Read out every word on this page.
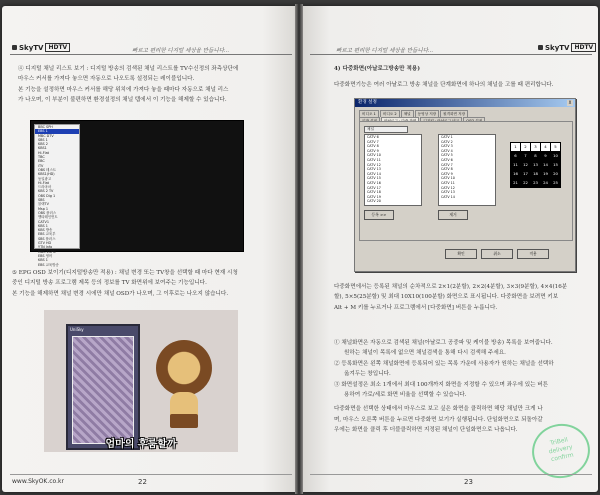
SkyTV HDTV	빠르고 편리한 디지털 세상을 만듭니다...
④ 디지털 채널 리스트 보기 : 디지털 방송의 검색된 채널 리스트를 TV수신정의 좌측상단에
마우스 커서를 가져다 놓으면 자동으로 나오도록 설정되는 레이블입니다.
본 기능을 설정하면 마우스 커서를 해당 위치에 가져다 놓을 때마다 자동으로 채널 리스
가 나오며, 이 부분이 불편하면 환경설정의 채널 탭에서 이 기능을 해제할 수 있습니다.
BBC SPH
EBS 1
MBC DTV
SBS 1
KBS 2
KBS1
Hi-Flat
TBC
EBC
iTV
OBS 테스트
KBS1(HD)
동일광고
Hi-Flat
드라마마
KBS 2 TV
OBS Dig 1
SBS
블랙TV
Msp 1
OBS 플러스
엔타테인먼트
CATV1
KBS 1
KBS 방송
EBS 교육부
SBS 플러스
GTV HD
YTN Info
MBC ESPN
EBS 영어
KBS 1
EBS 교육방송
⑤ EPG OSD 보이기(디지털방송만 적용) : 채널 변경 또는 TV창을 선택할 때 마다 현재 시청
중인 디지털 방송 프로그램 제목 등의 정보를 TV 화면위에 보여주는 기능입니다.
본 기능을 해제하면 채널 변경 시에만 채널 OSD가 나오며, 그 이후로는 나오지 않습니다.
UniSky
엄마의 후룸할까
www.SkyOK.co.kr	22
빠르고 편리한 디지털 세상을 만듭니다...	SkyTV HDTV
4) 다중화면(아날로그방송만 적용)
다중화면기능은 여러 아날로그 방송 채널을 단계화면에 하나의 채널을 고를 때 편리합니다.
환경 설정	X
비디오 1 비디오 2 채널 동영상 저장 원격화면 저장
채널
CATV 6
CATV 7
CATV 8
CATV 9
CATV 10
CATV 11
CATV 12
CATV 13
CATV 14
CATV 15
CATV 16
CATV 17
CATV 18
CATV 19
CATV 20
CATV 1
CATV 2
CATV 3
CATV 4
CATV 5
CATV 6
CATV 7
CATV 8
CATV 9
CATV 10
CATV 11
CATV 12
CATV 13
CATV 14
1	2	3	4	5
6	7	8	9	10
11	12	13	14	15
16	17	18	19	20
21	22	23	24	25
등록 >>	제거
확인	취소	적용
다중화면에서는 등록된 채널의 순차적으로 2×1(2분할), 2×2(4분할), 3×3(9분할), 4×4(16분
할), 5×5(25분할) 및 최대 10X10(100분할) 화면으로 표시됩니다. 다중화면을 보려면 키보
Alt + M 키를 누르거나 프로그램에서 [다중화면] 버튼을 누릅니다.
① 채널화면은 자동으로 검색된 채널(아날로그 공중파 및 케이블 방송) 목록을 보여줍니다.
원하는 채널이 목록에 없으면 채널검색을 통해 다시 검색해 주세요.
② 등록화면은 왼쪽 채널화면에 등록되어 있는 목록 가운데 사용자가 원하는 채널을 선택하
옮겨두는 창입니다.
③ 화면설정은 최소 1개에서 최대 100개까지 화면을 지정할 수 있으며 좌우에 있는 버튼
용하여 가로/세로 화면 비율을 선택할 수 있습니다.
다중화면을 선택한 상태에서 마우스로 보고 싶은 화면을 클릭하면 해당 채널만 크게 나
며, 마우스 오른쪽 버튼을 누르면 다중화면 보기가 실행됩니다. 단일화면으로 되돌아갈
우에는 화면을 클릭 후 더블클릭하면 지정된 채널이 단일화면으로 나옵니다.
TriBell
delivery
confirm
23
